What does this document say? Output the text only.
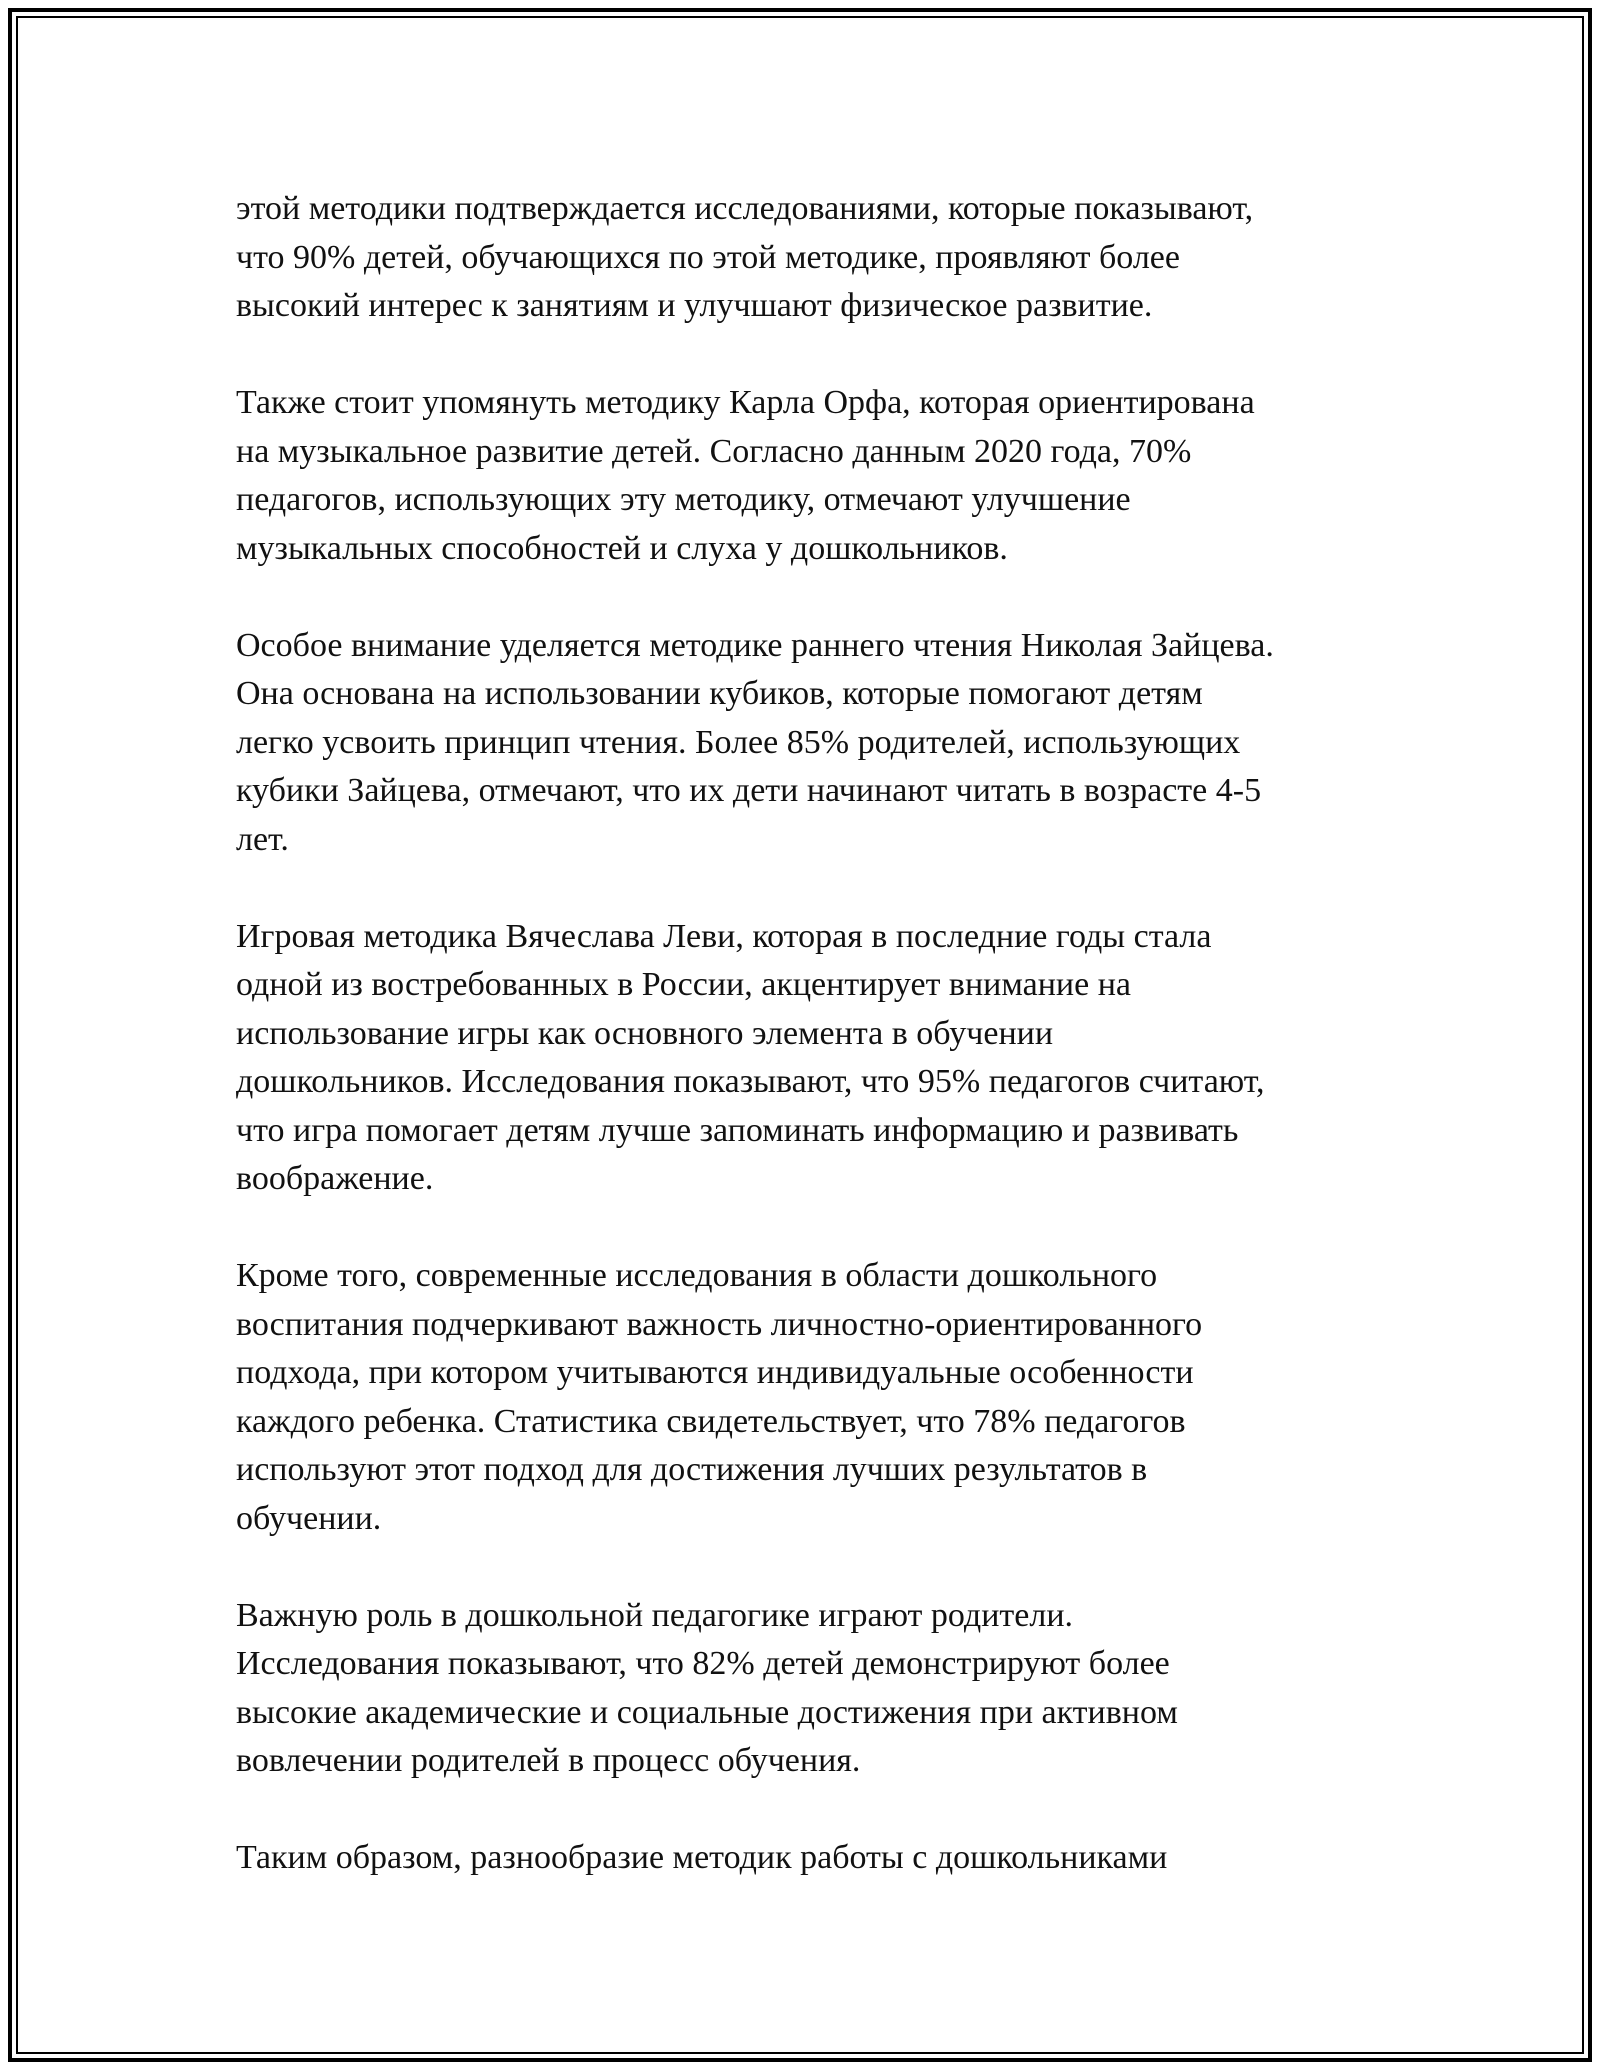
этой методики подтверждается исследованиями, которые показывают,
что 90% детей, обучающихся по этой методике, проявляют более
высокий интерес к занятиям и улучшают физическое развитие.

Также стоит упомянуть методику Карла Орфа, которая ориентирована
на музыкальное развитие детей. Согласно данным 2020 года, 70%
педагогов, использующих эту методику, отмечают улучшение
музыкальных способностей и слуха у дошкольников.

Особое внимание уделяется методике раннего чтения Николая Зайцева.
Она основана на использовании кубиков, которые помогают детям
легко усвоить принцип чтения. Более 85% родителей, использующих
кубики Зайцева, отмечают, что их дети начинают читать в возрасте 4-5
лет.

Игровая методика Вячеслава Леви, которая в последние годы стала
одной из востребованных в России, акцентирует внимание на
использование игры как основного элемента в обучении
дошкольников. Исследования показывают, что 95% педагогов считают,
что игра помогает детям лучше запоминать информацию и развивать
воображение.

Кроме того, современные исследования в области дошкольного
воспитания подчеркивают важность личностно-ориентированного
подхода, при котором учитываются индивидуальные особенности
каждого ребенка. Статистика свидетельствует, что 78% педагогов
используют этот подход для достижения лучших результатов в
обучении.

Важную роль в дошкольной педагогике играют родители.
Исследования показывают, что 82% детей демонстрируют более
высокие академические и социальные достижения при активном
вовлечении родителей в процесс обучения.

Таким образом, разнообразие методик работы с дошкольниками
